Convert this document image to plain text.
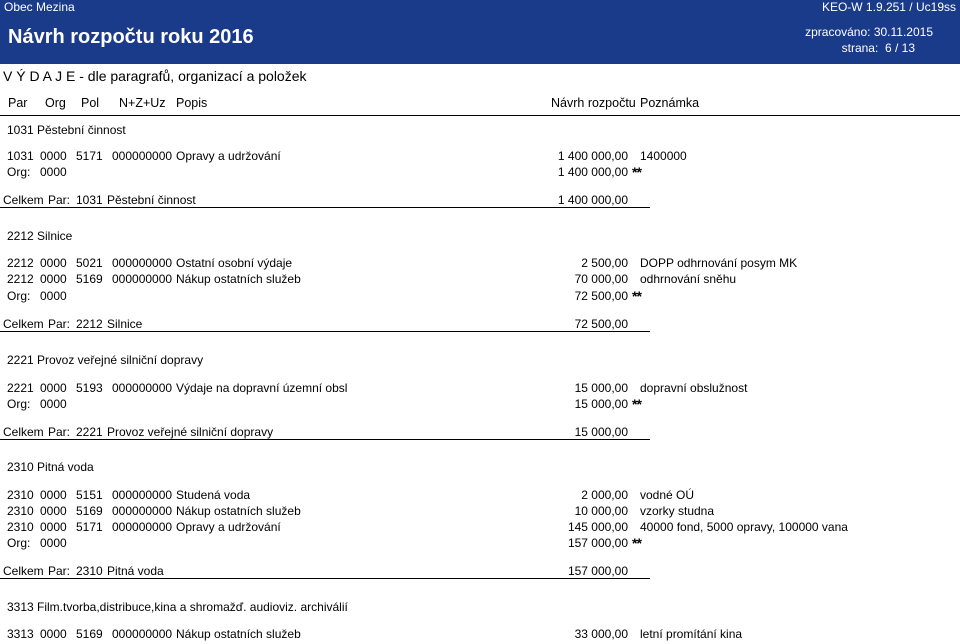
Obec Mezina	KEO-W 1.9.251 / Uc19ss
Návrh rozpočtu roku 2016	zpracováno: 30.11.2015
strana: 6 / 13
V Ý D A J E - dle paragrafů, organizací a položek
Par Org Pol N+Z+Uz Popis	Návrh rozpočtu Poznámka
1031 Pěstební činnost
1031 0000 5171 000000000 Opravy a udržování	1 400 000,00 1400000
Org: 0000	1 400 000,00 **
Celkem Par: 1031 Pěstební činnost	1 400 000,00
2212 Silnice
2212 0000 5021 000000000 Ostatní osobní výdaje	2 500,00 DOPP odhrnování posym MK
2212 0000 5169 000000000 Nákup ostatních služeb	70 000,00 odhrnování sněhu
Org: 0000	72 500,00 **
Celkem Par: 2212 Silnice	72 500,00
2221 Provoz veřejné silniční dopravy
2221 0000 5193 000000000 Výdaje na dopravní územní obsl	15 000,00 dopravní obslužnost
Org: 0000	15 000,00 **
Celkem Par: 2221 Provoz veřejné silniční dopravy	15 000,00
2310 Pitná voda
2310 0000 5151 000000000 Studená voda	2 000,00 vodné OÚ
2310 0000 5169 000000000 Nákup ostatních služeb	10 000,00 vzorky studna
2310 0000 5171 000000000 Opravy a udržování	145 000,00 40000 fond, 5000 opravy, 100000 vana
Org: 0000	157 000,00 **
Celkem Par: 2310 Pitná voda	157 000,00
3313 Film.tvorba,distribuce,kina a shromažď. audioviz. archiválií
3313 0000 5169 000000000 Nákup ostatních služeb	33 000,00 letní promítání kina
